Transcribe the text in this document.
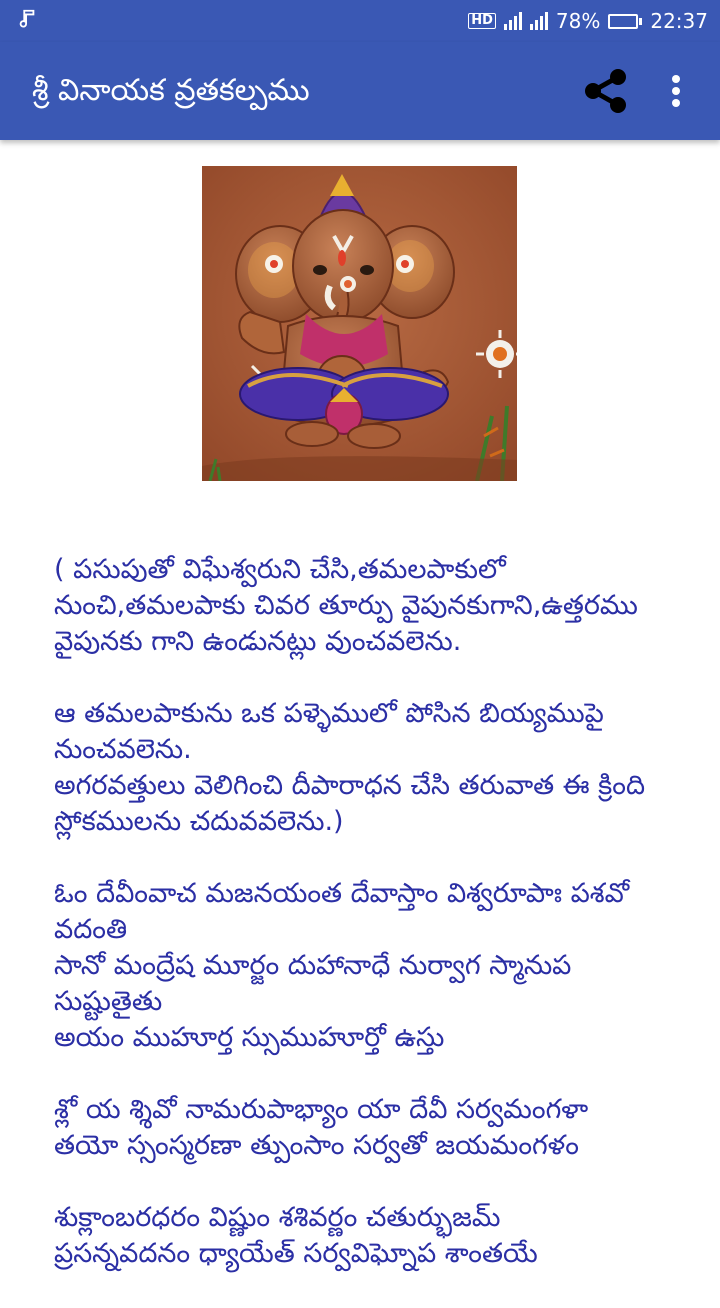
HD	78%	22:37
శ్రీ వినాయక వ్రతకల్పము

( పసుపుతో విఘేశ్వరుని చేసి,తమలపాకులో
నుంచి,తమలపాకు చివర తూర్పు వైపునకుగాని,ఉత్తరము
వైపునకు గాని ఉండునట్లు వుంచవలెను.

ఆ తమలపాకును ఒక పళ్ళెములో పోసిన బియ్యముపై
నుంచవలెను.
అగరవత్తులు వెలిగించి దీపారాధన చేసి తరువాత ఈ క్రింది
స్లోకములను చదువవలెను.)

ఓం దేవీంవాచ మజనయంత దేవాస్తాం విశ్వరూపాః పశవో
వదంతి
సానో మంద్రేష మూర్జం దుహానాధే నుర్వాగ స్మానుప
సుష్టుతైతు
అయం ముహూర్త స్సుముహూర్తో ఉస్తు

శ్లో య శ్శివో నామరుపాభ్యాం యా దేవీ సర్వమంగళా
తయో స్సంస్మరణా త్పుంసాం సర్వతో జయమంగళం

శుక్లాంబరధరం విష్ణుం శశివర్ణం చతుర్భుజమ్
ప్రసన్నవదనం ధ్యాయేత్ సర్వవిఘ్నోప శాంతయే
